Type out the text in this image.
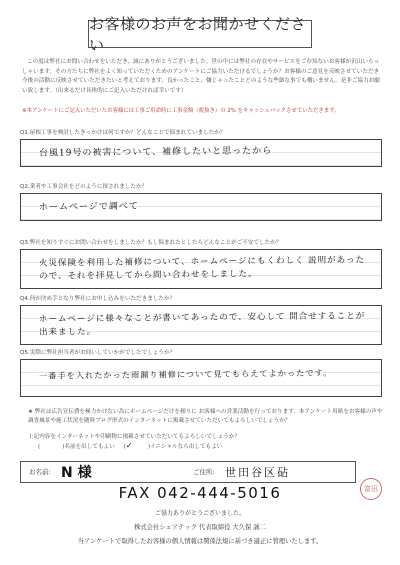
お客様のお声をお聞かせください

この度は弊社にお問い合わせをいただき、誠にありがとうございました。世の中には弊社の存在やサービスをご存知ないお客様が沢山いらっしゃいます。その方たちに弊社をよく知っていただくためのアンケートにご協力いただけるでしょうか？お客様のご意見を反映させていただき今後の活動に反映させていただきたいと考えております。良かったこと、嫌じゃったことどのような些細な事でも構いません。是非ご協力お願い致します。（出来るだけ具体的にご記入いただければ幸いです）

※本アンケートにご記入いただいたお客様には工事ご用命時に工事金額（税抜き）の 2% をキャッシュバックさせていただきます。
Q1.屋根工事を検討したきっかけは何ですか？どんなことで悩まれていましたか？
台風19号の被害について、補修したいと思ったから
Q2.業者や工事会社をどのように探されましたか？
ホームページで調べて
Q3.弊社を知りすぐにお問い合わせをしましたか？もし悩まれたとしたらどんなことがご不安でしたか？
火災保険を利用した補修について、ホームページにもくわしく 説明があったので、それを拝見してから問い合わせをしました。
Q4.何が決め手となり弊社にお申し込みをいただきましたか？
ホームページに様々なことが書いてあったので、安心して 問合せすることが出来ました。
Q5.実際に弊社担当者がお伺いしていかがでしたでしょうか？
一番手を入れたかった雨漏り補修について見てもらえてよかったです。
★ 弊社は広告宣伝費を極力かけない為にホームページだけを頼りに お客様への営業活動を行っております。本アンケート用紙をお客様の声や調査風景や施工状況を随時ブログ形式のインターネットに掲載させていただいてもよろしいでしょうか？
上記内容をインターネットや印刷物に掲載させていただいてもよろしいでしょうか？
(	)名前を出してもよい (✓	)イニシャルなら出してもよい
お名前: N 様	ご住所: 世田谷区砧
富田
FAX 042-444-5016
ご協力ありがとうございました。
株式会社シェアテック 代表取締役 大久保 誠二
当アンケートで取得したお客様の個人情報は関係法規に基づき適正に管理いたします。
